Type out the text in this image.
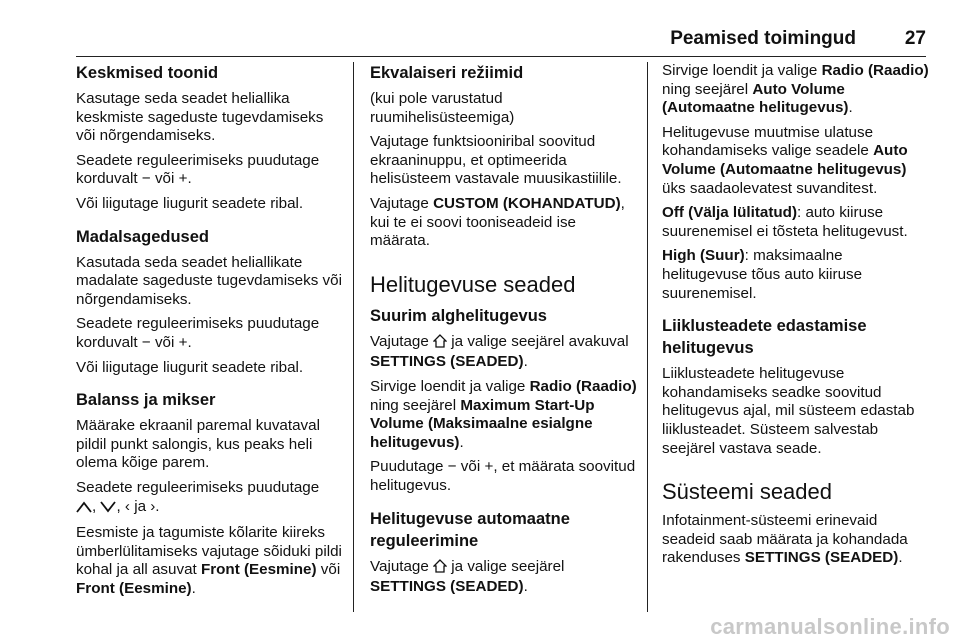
Peamised toimingud	27
Keskmised toonid

Kasutage seda seadet heliallika keskmiste sageduste tugevdamiseks või nõrgendamiseks.

Seadete reguleerimiseks puudutage korduvalt − või +.

Või liigutage liugurit seadete ribal.

Madalsagedused

Kasutada seda seadet heliallikate madalate sageduste tugevdamiseks või nõrgendamiseks.

Seadete reguleerimiseks puudutage korduvalt − või +.

Või liigutage liugurit seadete ribal.

Balanss ja mikser

Määrake ekraanil paremal kuvataval pildil punkt salongis, kus peaks heli olema kõige parem.

Seadete reguleerimiseks puudutage
, , ‹ ja ›.

Eesmiste ja tagumiste kõlarite kiireks ümberlülitamiseks vajutage sõiduki pildi kohal ja all asuvat Front (Eesmine) või Front (Eesmine).

Ekvalaiseri režiimid

(kui pole varustatud ruumihelisüsteemiga)

Vajutage funktsiooniribal soovitud ekraaninuppu, et optimeerida helisüsteem vastavale muusikastiilile.

Vajutage CUSTOM (KOHANDATUD), kui te ei soovi tooniseadeid ise määrata.

Helitugevuse seaded
Suurim alghelitugevus

Vajutage  ja valige seejärel avakuval SETTINGS (SEADED).

Sirvige loendit ja valige Radio (Raadio) ning seejärel Maximum Start-Up Volume (Maksimaalne esialgne helitugevus).

Puudutage − või +, et määrata soovitud helitugevus.

Helitugevuse automaatne reguleerimine

Vajutage  ja valige seejärel SETTINGS (SEADED).

Sirvige loendit ja valige Radio (Raadio) ning seejärel Auto Volume (Automaatne helitugevus).

Helitugevuse muutmise ulatuse kohandamiseks valige seadele Auto Volume (Automaatne helitugevus) üks saadaolevatest suvanditest.

Off (Välja lülitatud): auto kiiruse suurenemisel ei tõsteta helitugevust.

High (Suur): maksimaalne helitugevuse tõus auto kiiruse suurenemisel.

Liiklusteadete edastamise helitugevus

Liiklusteadete helitugevuse kohandamiseks seadke soovitud helitugevus ajal, mil süsteem edastab liiklusteadet. Süsteem salvestab seejärel vastava seade.

Süsteemi seaded

Infotainment-süsteemi erinevaid seadeid saab määrata ja kohandada rakenduses SETTINGS (SEADED).

carmanualsonline.info
